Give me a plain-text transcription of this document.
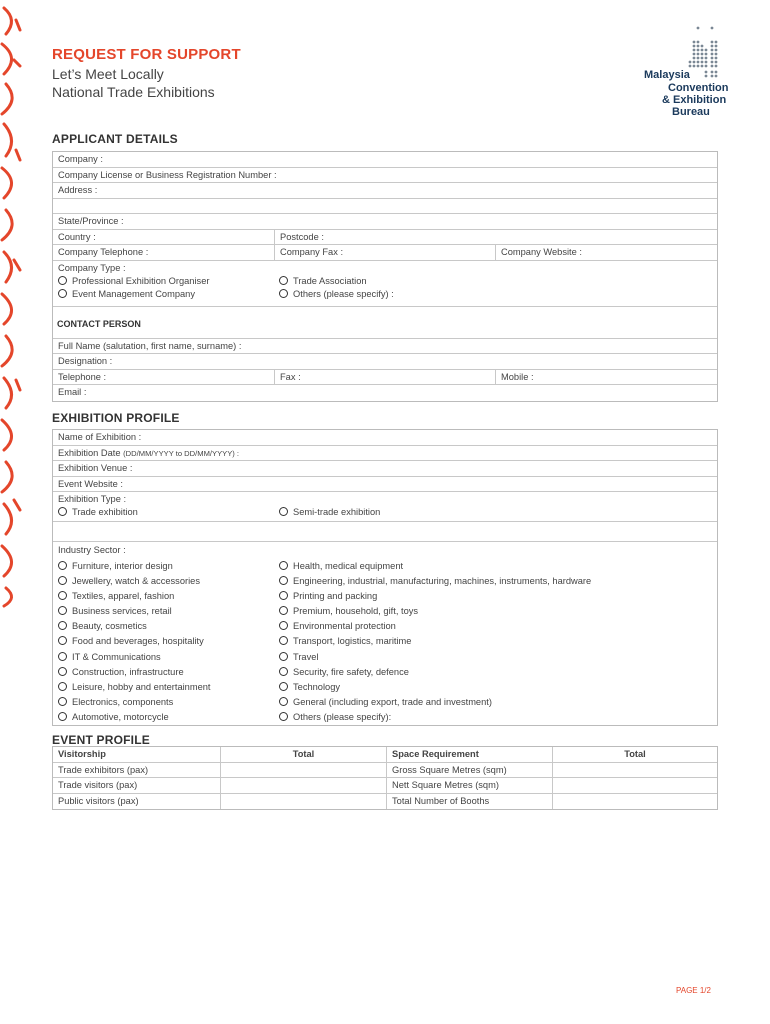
REQUEST FOR SUPPORT
Let’s Meet Locally
National Trade Exhibitions
Malaysia
Convention
& Exhibition
Bureau
APPLICANT DETAILS
Company :
Company License or Business Registration Number :
Address :
State/Province :
Country :	Postcode :
Company Telephone :	Company Fax :	Company Website :
Company Type :
Professional Exhibition Organiser	Trade Association
Event Management Company	Others (please specify) :
Full Name (salutation, first name, surname) :
Designation :
Telephone :	Fax :	Mobile :
Email :
CONTACT PERSON
EXHIBITION PROFILE
Name of Exhibition :
Exhibition Date (DD/MM/YYYY to DD/MM/YYYY) :
Exhibition Venue :
Event Website :
Exhibition Type :
Trade exhibition	Semi-trade exhibition
Industry Sector :
Furniture, interior design
Jewellery, watch & accessories
Textiles, apparel, fashion
Business services, retail
Beauty, cosmetics
Food and beverages, hospitality
IT & Communications
Construction, infrastructure
Leisure, hobby and entertainment
Electronics, components
Automotive, motorcycle
Health, medical equipment
Engineering, industrial, manufacturing, machines, instruments, hardware
Printing and packing
Premium, household, gift, toys
Environmental protection
Transport, logistics, maritime
Travel
Security, fire safety, defence
Technology
General (including export, trade and investment)
Others (please specify):
EVENT PROFILE
Visitorship	Total	Space Requirement	Total
Trade exhibitors (pax)	Gross Square Metres (sqm)
Trade visitors (pax)	Nett Square Metres (sqm)
Public visitors (pax)	Total Number of Booths
PAGE 1/2
